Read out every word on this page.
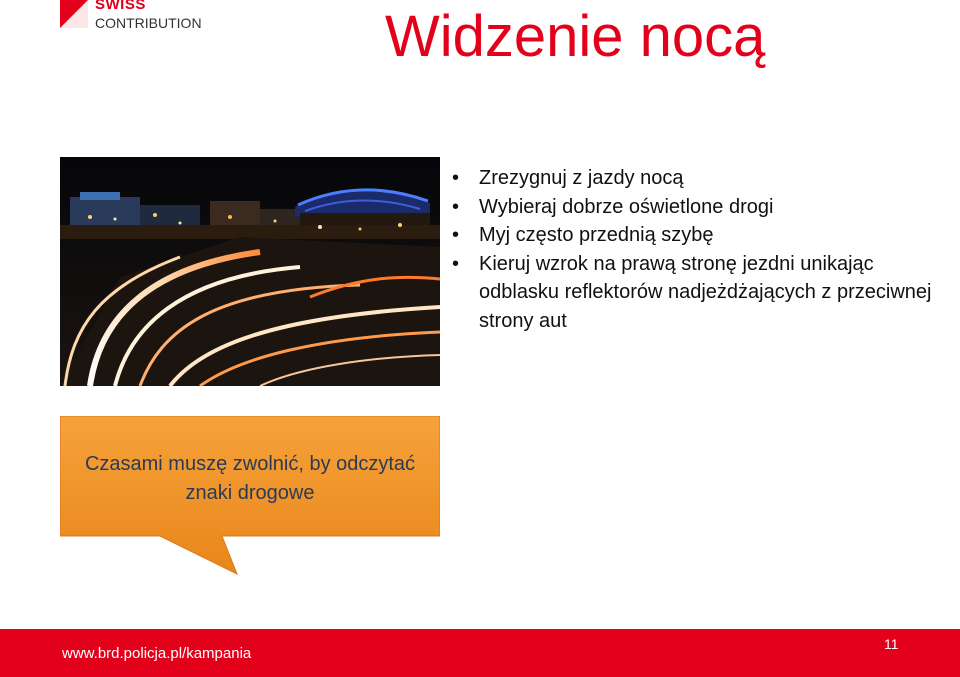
SWISS
CONTRIBUTION	Widzenie nocą
• Zrezygnuj z jazdy nocą
• Wybieraj dobrze oświetlone drogi
• Myj często przednią szybę
• Kieruj wzrok na prawą stronę jezdni unikając odblasku reflektorów nadjeżdżających z przeciwnej strony aut
Czasami muszę zwolnić, by odczytać znaki drogowe
www.brd.policja.pl/kampania
11
